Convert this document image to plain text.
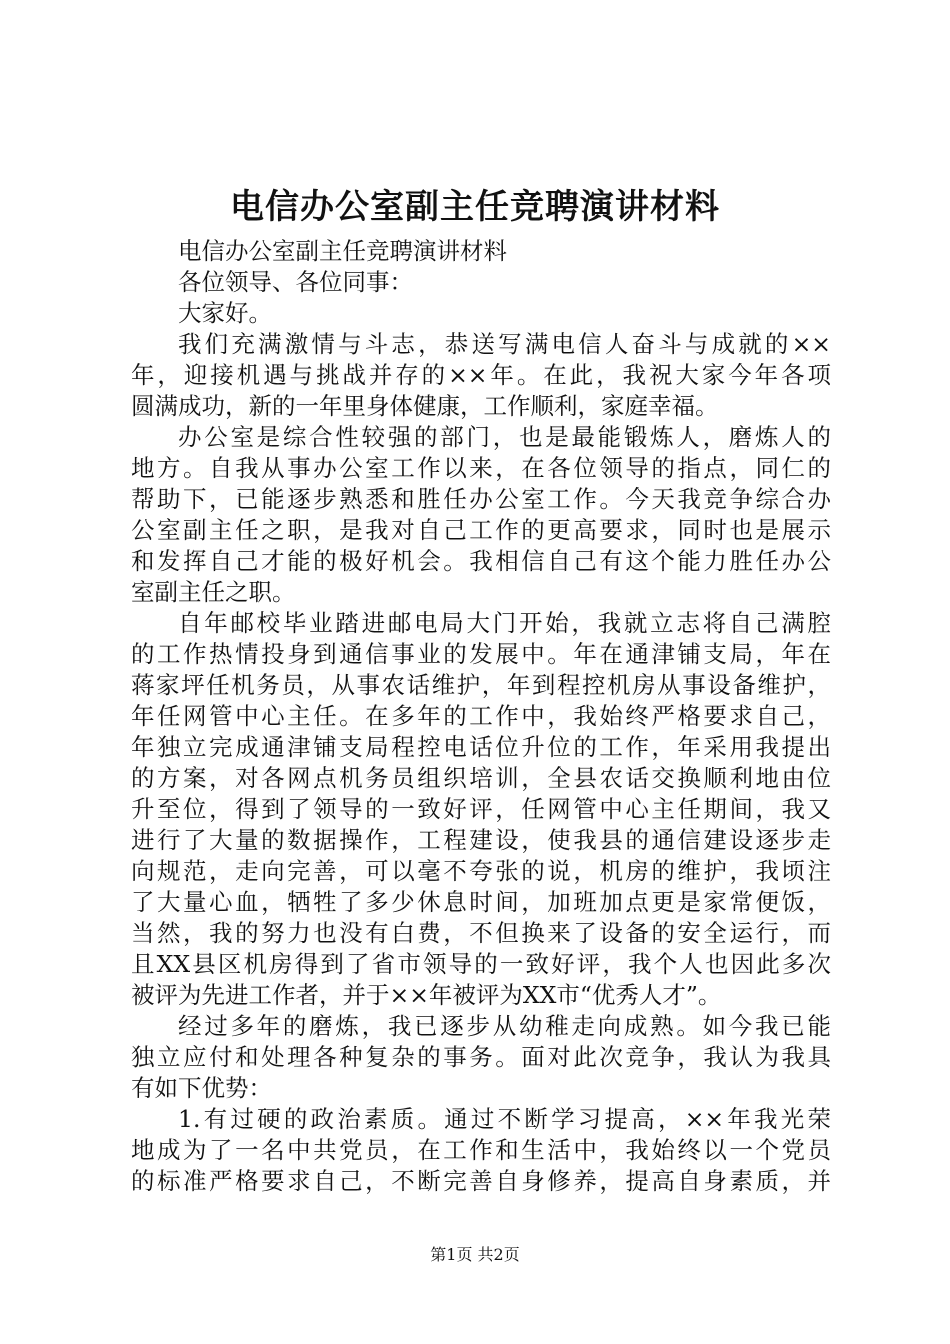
电信办公室副主任竞聘演讲材料
电信办公室副主任竞聘演讲材料
各位领导、各位同事：
大家好。
我们充满激情与斗志，恭送写满电信人奋斗与成就的××
年，迎接机遇与挑战并存的××年。在此，我祝大家今年各项
圆满成功，新的一年里身体健康，工作顺利，家庭幸福。
办公室是综合性较强的部门，也是最能锻炼人，磨炼人的
地方。自我从事办公室工作以来，在各位领导的指点，同仁的
帮助下，已能逐步熟悉和胜任办公室工作。今天我竞争综合办
公室副主任之职，是我对自己工作的更高要求，同时也是展示
和发挥自己才能的极好机会。我相信自己有这个能力胜任办公
室副主任之职。
自年邮校毕业踏进邮电局大门开始，我就立志将自己满腔
的工作热情投身到通信事业的发展中。年在通津铺支局，年在
蒋家坪任机务员，从事农话维护，年到程控机房从事设备维护，
年任网管中心主任。在多年的工作中，我始终严格要求自己，
年独立完成通津铺支局程控电话位升位的工作，年采用我提出
的方案，对各网点机务员组织培训，全县农话交换顺利地由位
升至位，得到了领导的一致好评，任网管中心主任期间，我又
进行了大量的数据操作，工程建设，使我县的通信建设逐步走
向规范，走向完善，可以毫不夸张的说，机房的维护，我顷注
了大量心血，牺牲了多少休息时间，加班加点更是家常便饭，
当然，我的努力也没有白费，不但换来了设备的安全运行，而
且XX县区机房得到了省市领导的一致好评，我个人也因此多次
被评为先进工作者，并于××年被评为XX市“优秀人才”。
经过多年的磨炼，我已逐步从幼稚走向成熟。如今我已能
独立应付和处理各种复杂的事务。面对此次竞争，我认为我具
有如下优势：
1.有过硬的政治素质。通过不断学习提高，××年我光荣
地成为了一名中共党员，在工作和生活中，我始终以一个党员
的标准严格要求自己，不断完善自身修养，提高自身素质，并
第1页 共2页
